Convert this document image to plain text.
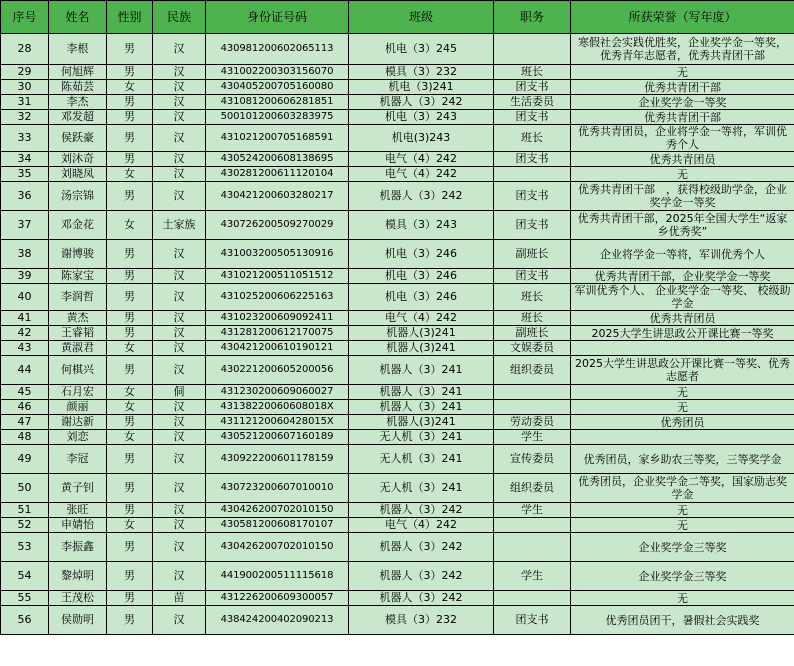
序号	姓名	性别	民族	身份证号码	班级	职务	所获荣誉（写年度）
28	李根	男	汉	430981200602065113	机电（3）245		寒假社会实践优胜奖，企业奖学金一等奖，优秀青年志愿者，优秀共青团干部
29	何旭辉	男	汉	431002200303156070	模具（3）232	班长	无
30	陈茹芸	女	汉	430405200705160080	机电（3)241	团支书	优秀共青团干部
31	李杰	男	汉	431081200606281851	机器人（3）242	生活委员	企业奖学金一等奖
32	邓发超	男	汉	500101200603283975	机电（3）243	团支书	优秀共青团干部
33	侯跃豪	男	汉	431021200705168591	机电(3)243	班长	优秀共青团员，企业将学金一等将，军训优秀个人
34	刘沐奇	男	汉	430524200608138695	电气（4）242	团支书	优秀共青团员
35	刘晓凤	女	汉	430281200611120104	电气（4）242		无
36	汤宗锦	男	汉	430421200603280217	机器人（3）242	团支书	优秀共青团干部　，获得校级助学金，企业奖学金一等奖
37	邓金花	女	土家族	430726200509270029	模具（3）243	团支书	优秀共青团干部，2025年全国大学生“返家乡优秀奖”
38	谢博骏	男	汉	431003200505130916	机电（3）246	副班长	企业将学金一等将，军训优秀个人
39	陈家宝	男	汉	431021200511051512	机电（3）246	团支书	优秀共青团干部，企业奖学金一等奖
40	李润哲	男	汉	431025200606225163	机电（3）246	班长	军训优秀个人、 企业奖学金一等奖、 校级助学金
41	黄杰	男	汉	431023200609092411	电气（4）242	班长	优秀共青团员
42	王睿韬	男	汉	431281200612170075	机器人(3)241	副班长	2025大学生讲思政公开课比赛一等奖
43	黄淑君	女	汉	430421200610190121	机器人(3)241	文娱委员	
44	何棋兴	男	汉	430221200605200056	机器人（3）241	组织委员	2025大学生讲思政公开课比赛一等奖、优秀志愿者
45	石月宏	女	侗	431230200609060027	机器人（3）241		无
46	颜丽	女	汉	43138220060608018X	机器人（3）241		无
47	谢达新	男	汉	43112120060428015X	机器人(3)241	劳动委员	优秀团员
48	刘恋	女	汉	430521200607160189	无人机（3）241	学生	
49	李冠	男	汉	430922200601178159	无人机（3）241	宣传委员	优秀团员，家乡助农三等奖，三等奖学金
50	黄子钊	男	汉	430723200607010010	无人机（3）241	组织委员	优秀团员，企业奖学金二等奖，国家励志奖学金
51	张旺	男	汉	430426200702010150	机器人（3）242	学生	无
52	申婧怡	女	汉	430581200608170107	电气（4）242		无
53	李振鑫	男	汉	430426200702010150	机器人（3）242		企业奖学金三等奖
54	黎焯明	男	汉	441900200511115618	机器人（3）242	学生	企业奖学金三等奖
55	王茂松	男	苗	431226200609300057	机器人（3）242		无
56	侯勋明	男	汉	438424200402090213	模具（3）232	团支书	优秀团员团干，暑假社会实践奖
